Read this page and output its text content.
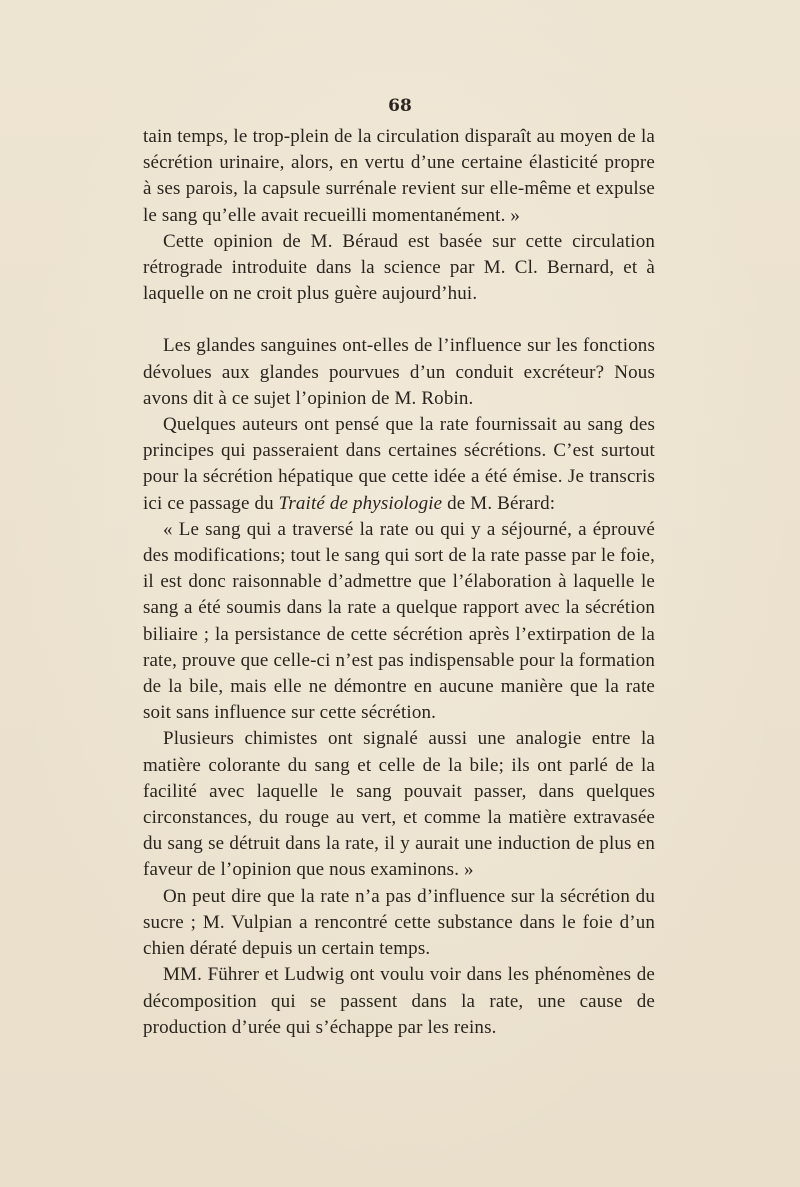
68

tain temps, le trop-plein de la circulation disparaît au moyen de la sécrétion urinaire, alors, en vertu d’une certaine élasticité propre à ses parois, la capsule surrénale revient sur elle-même et expulse le sang qu’elle avait recueilli momentanément. »

Cette opinion de M. Béraud est basée sur cette circulation rétrograde introduite dans la science par M. Cl. Bernard, et à laquelle on ne croit plus guère aujourd’hui.

Les glandes sanguines ont-elles de l’influence sur les fonctions dévolues aux glandes pourvues d’un conduit excréteur? Nous avons dit à ce sujet l’opinion de M. Robin.

Quelques auteurs ont pensé que la rate fournissait au sang des principes qui passeraient dans certaines sécrétions. C’est surtout pour la sécrétion hépatique que cette idée a été émise. Je transcris ici ce passage du Traité de physiologie de M. Bérard:

« Le sang qui a traversé la rate ou qui y a séjourné, a éprouvé des modifications; tout le sang qui sort de la rate passe par le foie, il est donc raisonnable d’admettre que l’élaboration à laquelle le sang a été soumis dans la rate a quelque rapport avec la sécrétion biliaire ; la persistance de cette sécrétion après l’extirpation de la rate, prouve que celle-ci n’est pas indispensable pour la formation de la bile, mais elle ne démontre en aucune manière que la rate soit sans influence sur cette sécrétion.

Plusieurs chimistes ont signalé aussi une analogie entre la matière colorante du sang et celle de la bile; ils ont parlé de la facilité avec laquelle le sang pouvait passer, dans quelques circonstances, du rouge au vert, et comme la matière extravasée du sang se détruit dans la rate, il y aurait une induction de plus en faveur de l’opinion que nous examinons. »

On peut dire que la rate n’a pas d’influence sur la sécrétion du sucre ; M. Vulpian a rencontré cette substance dans le foie d’un chien dératé depuis un certain temps.

MM. Führer et Ludwig ont voulu voir dans les phénomènes de décomposition qui se passent dans la rate, une cause de production d’urée qui s’échappe par les reins.
